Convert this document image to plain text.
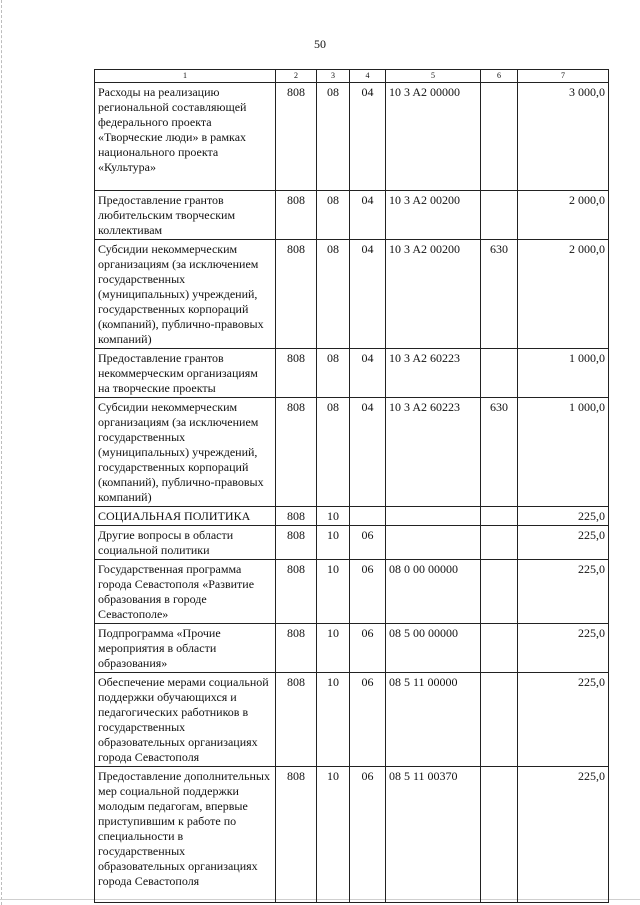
50
1	2	3	4	5	6	7
Расходы на реализацию региональной составляющей федерального проекта «Творческие люди» в рамках национального проекта «Культура»	808	08	04	10 3 A2 00000		3 000,0
Предоставление грантов любительским творческим коллективам	808	08	04	10 3 A2 00200		2 000,0
Субсидии некоммерческим организациям (за исключением государственных (муниципальных) учреждений, государственных корпораций (компаний), публично-правовых компаний)	808	08	04	10 3 A2 00200	630	2 000,0
Предоставление грантов некоммерческим организациям на творческие проекты	808	08	04	10 3 A2 60223		1 000,0
Субсидии некоммерческим организациям (за исключением государственных (муниципальных) учреждений, государственных корпораций (компаний), публично-правовых компаний)	808	08	04	10 3 A2 60223	630	1 000,0
СОЦИАЛЬНАЯ ПОЛИТИКА	808	10				225,0
Другие вопросы в области социальной политики	808	10	06			225,0
Государственная программа города Севастополя «Развитие образования в городе Севастополе»	808	10	06	08 0 00 00000		225,0
Подпрограмма «Прочие мероприятия в области образования»	808	10	06	08 5 00 00000		225,0
Обеспечение мерами социальной поддержки обучающихся и педагогических работников в государственных образовательных организациях города Севастополя	808	10	06	08 5 11 00000		225,0
Предоставление дополнительных мер социальной поддержки молодым педагогам, впервые приступившим к работе по специальности в государственных образовательных организациях города Севастополя	808	10	06	08 5 11 00370		225,0
